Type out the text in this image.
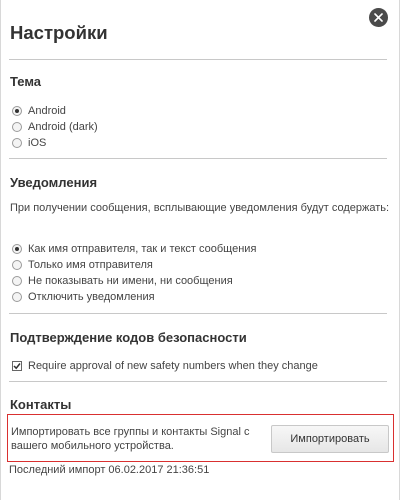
Настройки
Тема
Android
Android (dark)
iOS
Уведомления
При получении сообщения, всплывающие уведомления будут содержать:
Как имя отправителя, так и текст сообщения
Только имя отправителя
Не показывать ни имени, ни сообщения
Отключить уведомления
Подтверждение кодов безопасности
Require approval of new safety numbers when they change
Контакты
Импортировать все группы и контакты Signal с вашего мобильного устройства.
Импортировать
Последний импорт 06.02.2017 21:36:51
